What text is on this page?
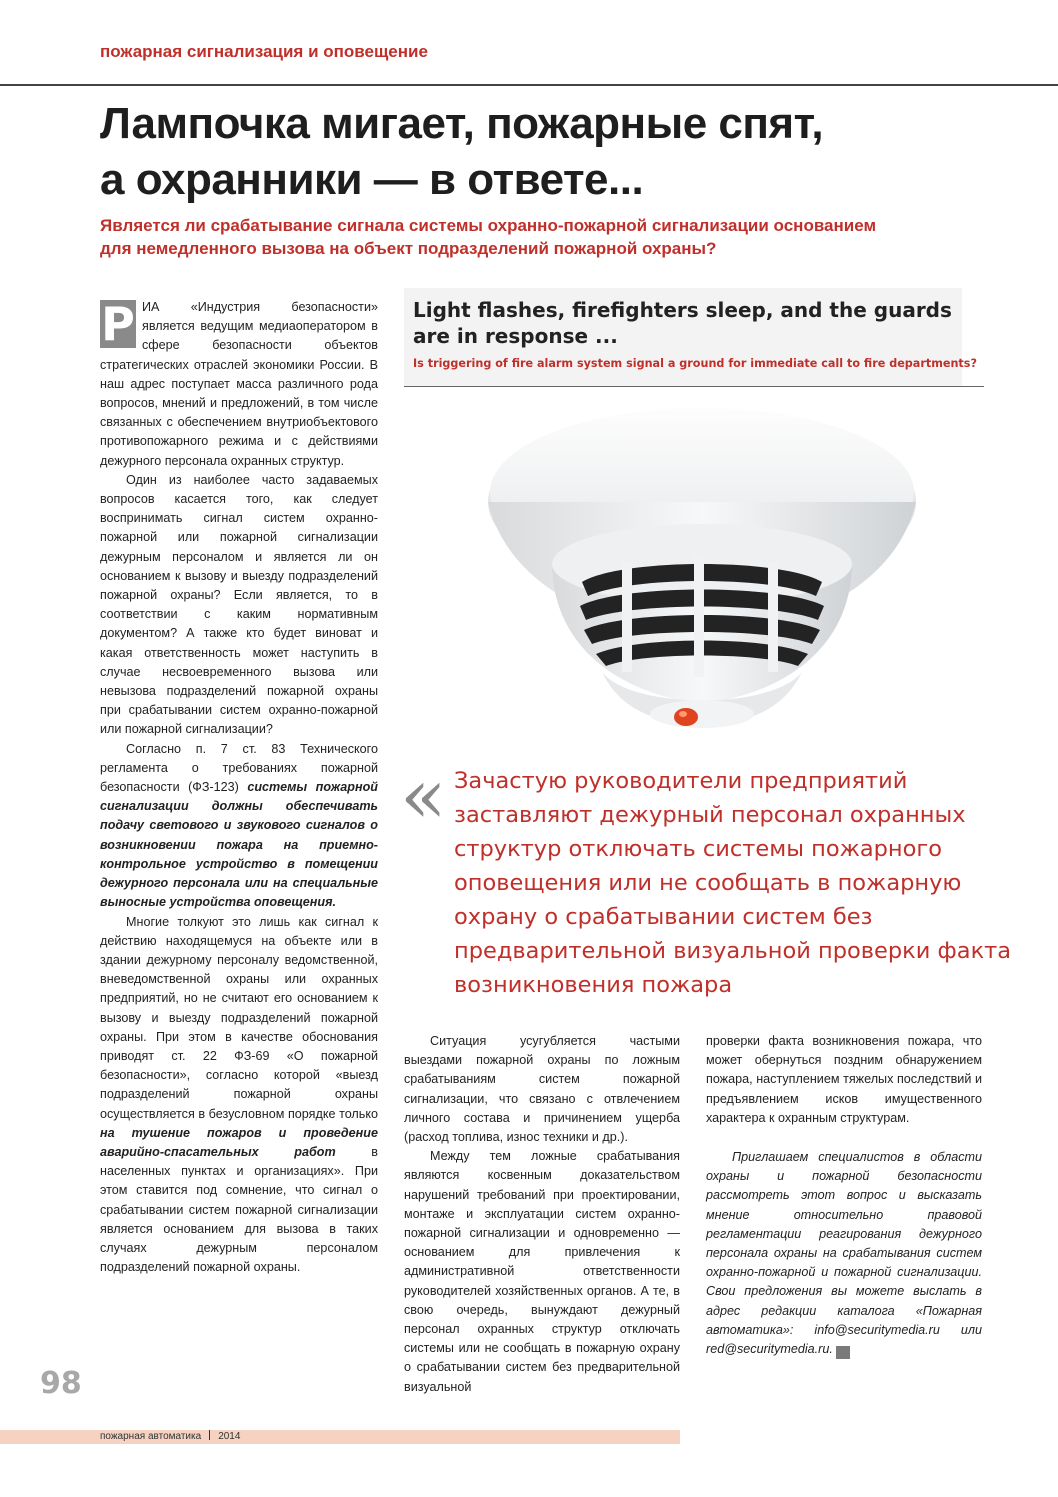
пожарная сигнализация и оповещение
Лампочка мигает, пожарные спят,
а охранники — в ответе...
Является ли срабатывание сигнала системы охранно-пожарной сигнализации основанием
для немедленного вызова на объект подразделений пожарной охраны?

Р ИА «Индустрия безопасности» является ведущим медиаоператором в сфере безопасности объектов стратегических отраслей экономики России. В наш адрес поступает масса различного рода вопросов, мнений и предложений, в том числе связанных с обеспечением внутриобъектового противопожарного режима и с действиями дежурного персонала охранных структур.

Один из наиболее часто задаваемых вопросов касается того, как следует воспринимать сигнал систем охранно-пожарной или пожарной сигнализации дежурным персоналом и является ли он основанием к вызову и выезду подразделений пожарной охраны? Если является, то в соответствии с каким нормативным документом? А также кто будет виноват и какая ответственность может наступить в случае несвоевременного вызова или невызова подразделений пожарной охраны при срабатывании систем охранно-пожарной или пожарной сигнализации?

Согласно п. 7 ст. 83 Технического регламента о требованиях пожарной безопасности (ФЗ-123) системы пожарной сигнализации должны обеспечивать подачу светового и звукового сигналов о возникновении пожара на приемно-контрольное устройство в помещении дежурного персонала или на специальные выносные устройства оповещения.

Многие толкуют это лишь как сигнал к действию находящемуся на объекте или в здании дежурному персоналу ведомственной, вневедомственной охраны или охранных предприятий, но не считают его основанием к вызову и выезду подразделений пожарной охраны. При этом в качестве обоснования приводят ст. 22 ФЗ-69 «О пожарной безопасности», согласно которой «выезд подразделений пожарной охраны осуществляется в безусловном порядке только на тушение пожаров и проведение аварийно-спасательных работ в населенных пунктах и организациях». При этом ставится под сомнение, что сигнал о срабатывании систем пожарной сигнализации является основанием для вызова в таких случаях дежурным персоналом подразделений пожарной охраны.

Light flashes, firefighters sleep, and the guards are in response ...
Is triggering of fire alarm system signal a ground for immediate call to fire departments?
« Зачастую руководители предприятий
заставляют дежурный персонал охранных
структур отключать системы пожарного
оповещения или не сообщать в пожарную
охрану о срабатывании систем без
предварительной визуальной проверки факта
возникновения пожара

Ситуация усугубляется частыми выездами пожарной охраны по ложным срабатываниям систем пожарной сигнализации, что связано с отвлечением личного состава и причинением ущерба (расход топлива, износ техники и др.).

Между тем ложные срабатывания являются косвенным доказательством нарушений требований при проектировании, монтаже и эксплуатации систем охранно-пожарной сигнализации и одновременно — основанием для привлечения к административной ответственности руководителей хозяйственных органов. А те, в свою очередь, вынуждают дежурный персонал охранных структур отключать системы или не сообщать в пожарную охрану о срабатывании систем без предварительной визуальной

проверки факта возникновения пожара, что может обернуться поздним обнаружением пожара, наступлением тяжелых последствий и предъявлением исков имущественного характера к охранным структурам.

Приглашаем специалистов в области охраны и пожарной безопасности рассмотреть этот вопрос и высказать мнение относительно правовой регламентации реагирования дежурного персонала охраны на срабатывания систем охранно-пожарной и пожарной сигнализации. Свои предложения вы можете выслать в адрес редакции каталога «Пожарная автоматика»: info@securitymedia.ru или red@securitymedia.ru.	ИА

98
пожарная автоматика 2014
